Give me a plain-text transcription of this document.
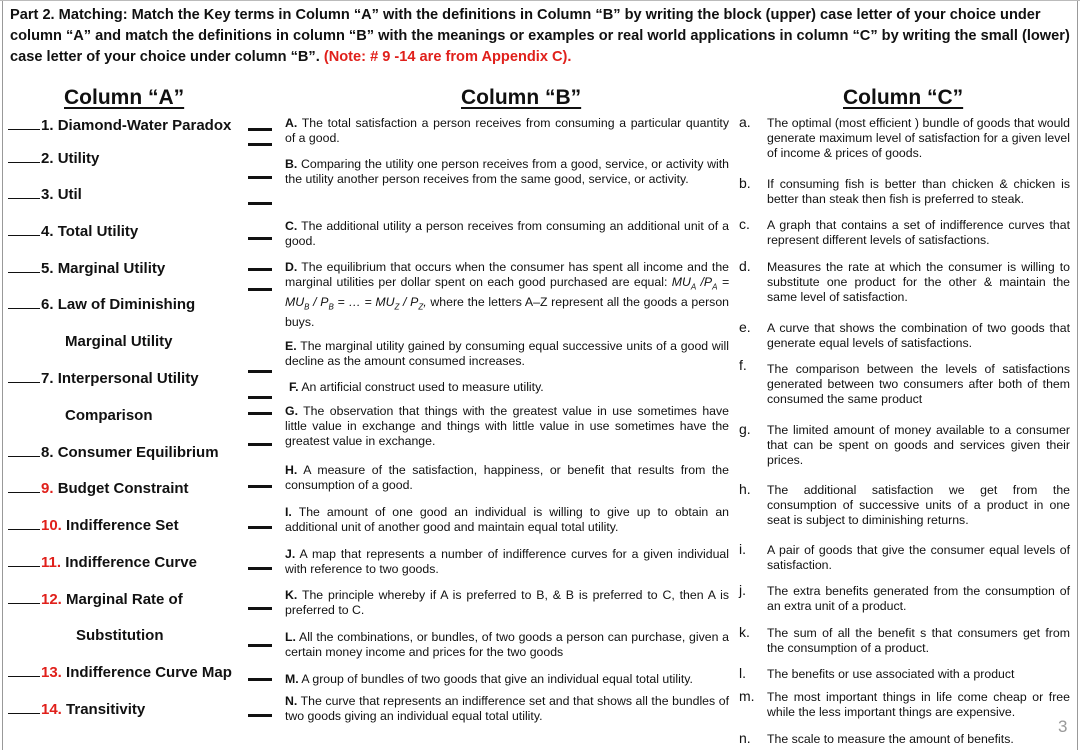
Part 2. Matching: Match the Key terms in Column “A” with the definitions in Column “B” by writing the block (upper) case letter of your choice under column “A” and match the definitions in column “B” with the meanings or examples or real world applications in column “C” by writing the small (lower) case letter of your choice under column “B”. (Note: # 9 -14 are from Appendix C).
Column “A”	Column “B”	Column “C”
1. Diamond-Water Paradox
2. Utility
3. Util
4. Total Utility
5. Marginal Utility
6. Law of Diminishing
Marginal Utility
7. Interpersonal Utility
Comparison
8. Consumer Equilibrium
9. Budget Constraint
10. Indifference Set
11. Indifference Curve
12. Marginal Rate of
Substitution
13. Indifference Curve Map
14. Transitivity
A. The total satisfaction a person receives from consuming a particular quantity of a good.
B. Comparing the utility one person receives from a good, service, or activity with the utility another person receives from the same good, service, or activity.
C. The additional utility a person receives from consuming an additional unit of a good.
D. The equilibrium that occurs when the consumer has spent all income and the marginal utilities per dollar spent on each good purchased are equal: $MU_A$ $/P_A = MU_B / P_B$ = … = $MU_Z / P_Z$, where the letters A–Z represent all the goods a person buys.
E. The marginal utility gained by consuming equal successive units of a good will decline as the amount consumed increases.
F. An artificial construct used to measure utility.
G. The observation that things with the greatest value in use sometimes have little value in exchange and things with little value in use sometimes have the greatest value in exchange.
H. A measure of the satisfaction, happiness, or benefit that results from the consumption of a good.
I. The amount of one good an individual is willing to give up to obtain an additional unit of another good and maintain equal total utility.
J. A map that represents a number of indifference curves for a given individual with reference to two goods.
K. The principle whereby if A is preferred to B, & B is preferred to C, then A is preferred to C.
L. All the combinations, or bundles, of two goods a person can purchase, given a certain money income and prices for the two goods
M. A group of bundles of two goods that give an individual equal total utility.
N. The curve that represents an indifference set and that shows all the bundles of two goods giving an individual equal total utility.
a.
b.
c.
d.
e.
f.
g.
h.
i.
j.
k.
l.
m.
n.
The optimal (most efficient ) bundle of goods that would generate maximum level of satisfaction for a given level of income & prices of goods.
If consuming fish is better than chicken & chicken is better than steak then fish is preferred to steak.
A graph that contains a set of indifference curves that represent different levels of satisfactions.
Measures the rate at which the consumer is willing to substitute one product for the other & maintain the same level of satisfaction.
A curve that shows the combination of two goods that generate equal levels of satisfactions.
The comparison between the levels of satisfactions generated between two consumers after both of them consumed the same product
The limited amount of money available to a consumer that can be spent on goods and services given their prices.
The additional satisfaction we get from the consumption of successive units of a product in one seat is subject to diminishing returns.
A pair of goods that give the consumer equal levels of satisfaction.
The extra benefits generated from the consumption of an extra unit of a product.
The sum of all the benefit s that consumers get from the consumption of a product.
The benefits or use associated with a product
The most important things in life come cheap or free while the less important things are expensive.
The scale to measure the amount of benefits.
3
